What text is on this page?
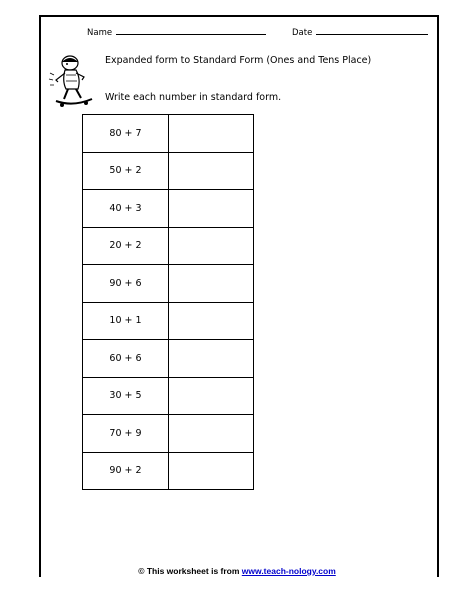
Name	Date
Expanded form to Standard Form (Ones and Tens Place)
Write each number in standard form.
80 + 7	
50 + 2	
40 + 3	
20 + 2	
90 + 6	
10 + 1	
60 + 6	
30 + 5	
70 + 9	
90 + 2	
© This worksheet is from www.teach-nology.com
